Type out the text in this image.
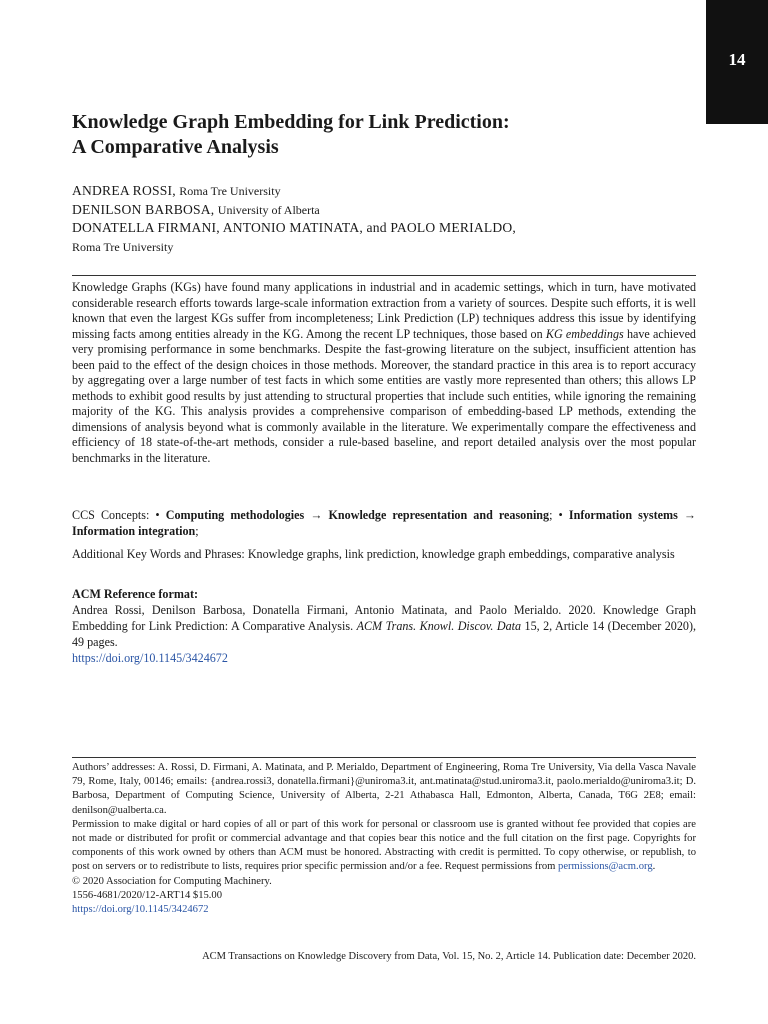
14
Knowledge Graph Embedding for Link Prediction:
A Comparative Analysis
ANDREA ROSSI, Roma Tre University
DENILSON BARBOSA, University of Alberta
DONATELLA FIRMANI, ANTONIO MATINATA, and PAOLO MERIALDO,
Roma Tre University
Knowledge Graphs (KGs) have found many applications in industrial and in academic settings, which in turn, have motivated considerable research efforts towards large-scale information extraction from a variety of sources. Despite such efforts, it is well known that even the largest KGs suffer from incompleteness; Link Prediction (LP) techniques address this issue by identifying missing facts among entities already in the KG. Among the recent LP techniques, those based on KG embeddings have achieved very promising performance in some benchmarks. Despite the fast-growing literature on the subject, insufficient attention has been paid to the effect of the design choices in those methods. Moreover, the standard practice in this area is to report accuracy by aggregating over a large number of test facts in which some entities are vastly more represented than others; this allows LP methods to exhibit good results by just attending to structural properties that include such entities, while ignoring the remaining majority of the KG. This analysis provides a comprehensive comparison of embedding-based LP methods, extending the dimensions of analysis beyond what is commonly available in the literature. We experimentally compare the effectiveness and efficiency of 18 state-of-the-art methods, consider a rule-based baseline, and report detailed analysis over the most popular benchmarks in the literature.
CCS Concepts: • Computing methodologies → Knowledge representation and reasoning; • Information systems → Information integration;
Additional Key Words and Phrases: Knowledge graphs, link prediction, knowledge graph embeddings, comparative analysis
ACM Reference format:
Andrea Rossi, Denilson Barbosa, Donatella Firmani, Antonio Matinata, and Paolo Merialdo. 2020. Knowledge Graph Embedding for Link Prediction: A Comparative Analysis. ACM Trans. Knowl. Discov. Data 15, 2, Article 14 (December 2020), 49 pages.
https://doi.org/10.1145/3424672
Authors’ addresses: A. Rossi, D. Firmani, A. Matinata, and P. Merialdo, Department of Engineering, Roma Tre University, Via della Vasca Navale 79, Rome, Italy, 00146; emails: {andrea.rossi3, donatella.firmani}@uniroma3.it, ant.matinata@stud.uniroma3.it, paolo.merialdo@uniroma3.it; D. Barbosa, Department of Computing Science, University of Alberta, 2-21 Athabasca Hall, Edmonton, Alberta, Canada, T6G 2E8; email: denilson@ualberta.ca.
Permission to make digital or hard copies of all or part of this work for personal or classroom use is granted without fee provided that copies are not made or distributed for profit or commercial advantage and that copies bear this notice and the full citation on the first page. Copyrights for components of this work owned by others than ACM must be honored. Abstracting with credit is permitted. To copy otherwise, or republish, to post on servers or to redistribute to lists, requires prior specific permission and/or a fee. Request permissions from permissions@acm.org.
© 2020 Association for Computing Machinery.
1556-4681/2020/12-ART14 $15.00
https://doi.org/10.1145/3424672
ACM Transactions on Knowledge Discovery from Data, Vol. 15, No. 2, Article 14. Publication date: December 2020.
